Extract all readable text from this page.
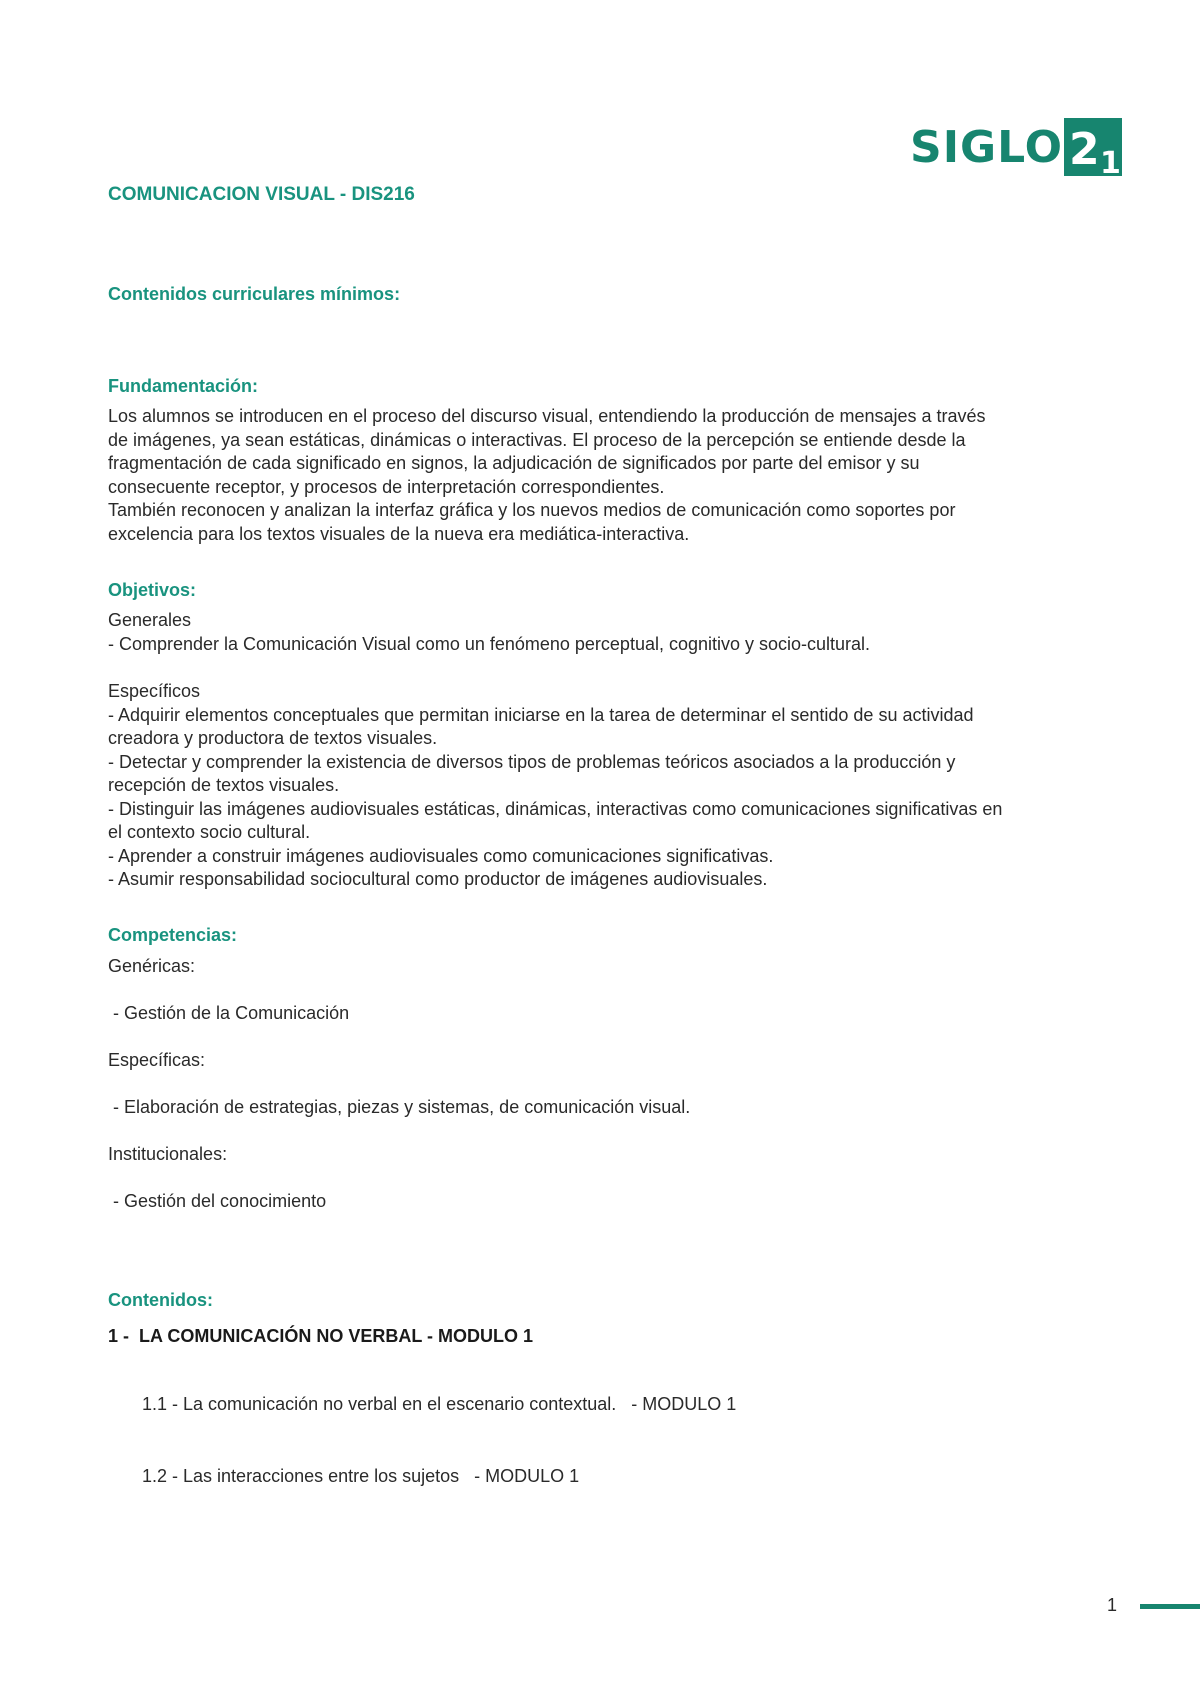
SIGLO 2 1
COMUNICACION VISUAL - DIS216
Contenidos curriculares mínimos:
Fundamentación:
Los alumnos se introducen en el proceso del discurso visual, entendiendo la producción de mensajes a través
de imágenes, ya sean estáticas, dinámicas o interactivas. El proceso de la percepción se entiende desde la
fragmentación de cada significado en signos, la adjudicación de significados por parte del emisor y su
consecuente receptor, y procesos de interpretación correspondientes.
También reconocen y analizan la interfaz gráfica y los nuevos medios de comunicación como soportes por
excelencia para los textos visuales de la nueva era mediática-interactiva.
Objetivos:
Generales
- Comprender la Comunicación Visual como un fenómeno perceptual, cognitivo y socio-cultural.
Específicos
- Adquirir elementos conceptuales que permitan iniciarse en la tarea de determinar el sentido de su actividad
creadora y productora de textos visuales.
- Detectar y comprender la existencia de diversos tipos de problemas teóricos asociados a la producción y
recepción de textos visuales.
- Distinguir las imágenes audiovisuales estáticas, dinámicas, interactivas como comunicaciones significativas en
el contexto socio cultural.
- Aprender a construir imágenes audiovisuales como comunicaciones significativas.
- Asumir responsabilidad sociocultural como productor de imágenes audiovisuales.
Competencias:

Genéricas:

- Gestión de la Comunicación

Específicas:

- Elaboración de estrategias, piezas y sistemas, de comunicación visual.

Institucionales:

- Gestión del conocimiento

Contenidos:

1 -  LA COMUNICACIÓN NO VERBAL - MODULO 1

1.1 - La comunicación no verbal en el escenario contextual.   - MODULO 1

1.2 - Las interacciones entre los sujetos   - MODULO 1

1
